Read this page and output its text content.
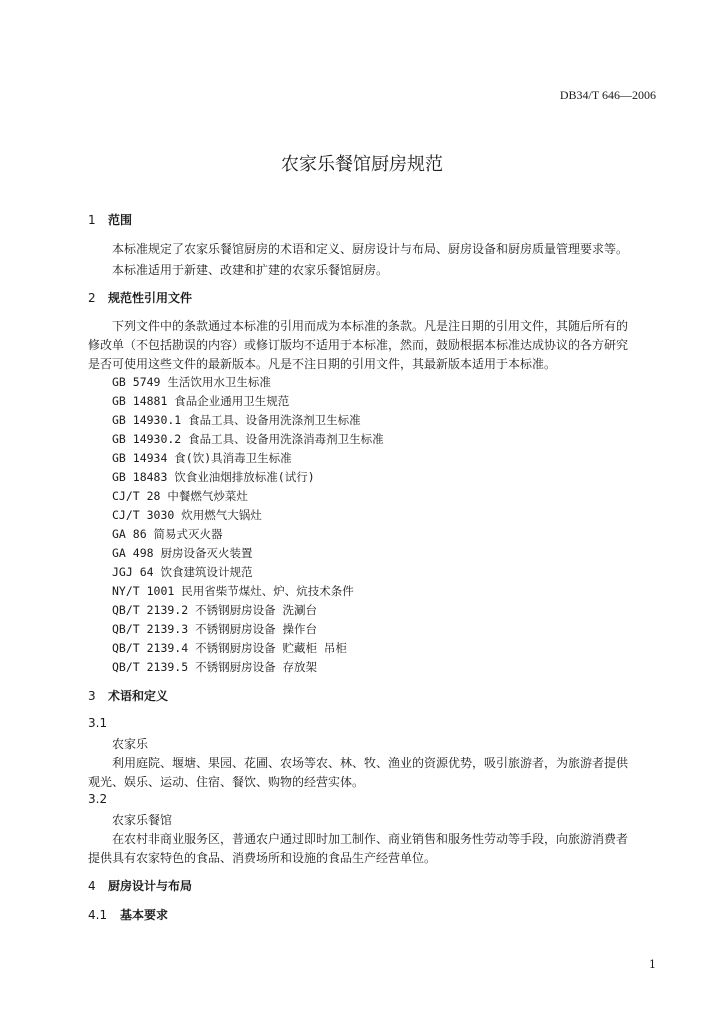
DB34/T 646—2006
农家乐餐馆厨房规范
1 范围
本标准规定了农家乐餐馆厨房的术语和定义、厨房设计与布局、厨房设备和厨房质量管理要求等。
本标准适用于新建、改建和扩建的农家乐餐馆厨房。
2 规范性引用文件
下列文件中的条款通过本标准的引用而成为本标准的条款。凡是注日期的引用文件，其随后所有的
修改单（不包括勘误的内容）或修订版均不适用于本标准，然而，鼓励根据本标准达成协议的各方研究
是否可使用这些文件的最新版本。凡是不注日期的引用文件，其最新版本适用于本标准。
GB 5749 生活饮用水卫生标准
GB 14881 食品企业通用卫生规范
GB 14930.1 食品工具、设备用洗涤剂卫生标准
GB 14930.2 食品工具、设备用洗涤消毒剂卫生标准
GB 14934 食(饮)具消毒卫生标准
GB 18483 饮食业油烟排放标准(试行)
CJ/T 28 中餐燃气炒菜灶
CJ/T 3030 炊用燃气大锅灶
GA 86 简易式灭火器
GA 498 厨房设备灭火装置
JGJ 64 饮食建筑设计规范
NY/T 1001 民用省柴节煤灶、炉、炕技术条件
QB/T 2139.2 不锈钢厨房设备 洗涮台
QB/T 2139.3 不锈钢厨房设备 操作台
QB/T 2139.4 不锈钢厨房设备 贮藏柜 吊柜
QB/T 2139.5 不锈钢厨房设备 存放架
3 术语和定义
3.1
农家乐
利用庭院、堰塘、果园、花圃、农场等农、林、牧、渔业的资源优势，吸引旅游者，为旅游者提供
观光、娱乐、运动、住宿、餐饮、购物的经营实体。
3.2
农家乐餐馆
在农村非商业服务区，普通农户通过即时加工制作、商业销售和服务性劳动等手段，向旅游消费者
提供具有农家特色的食品、消费场所和设施的食品生产经营单位。
4 厨房设计与布局
4.1 基本要求
1
